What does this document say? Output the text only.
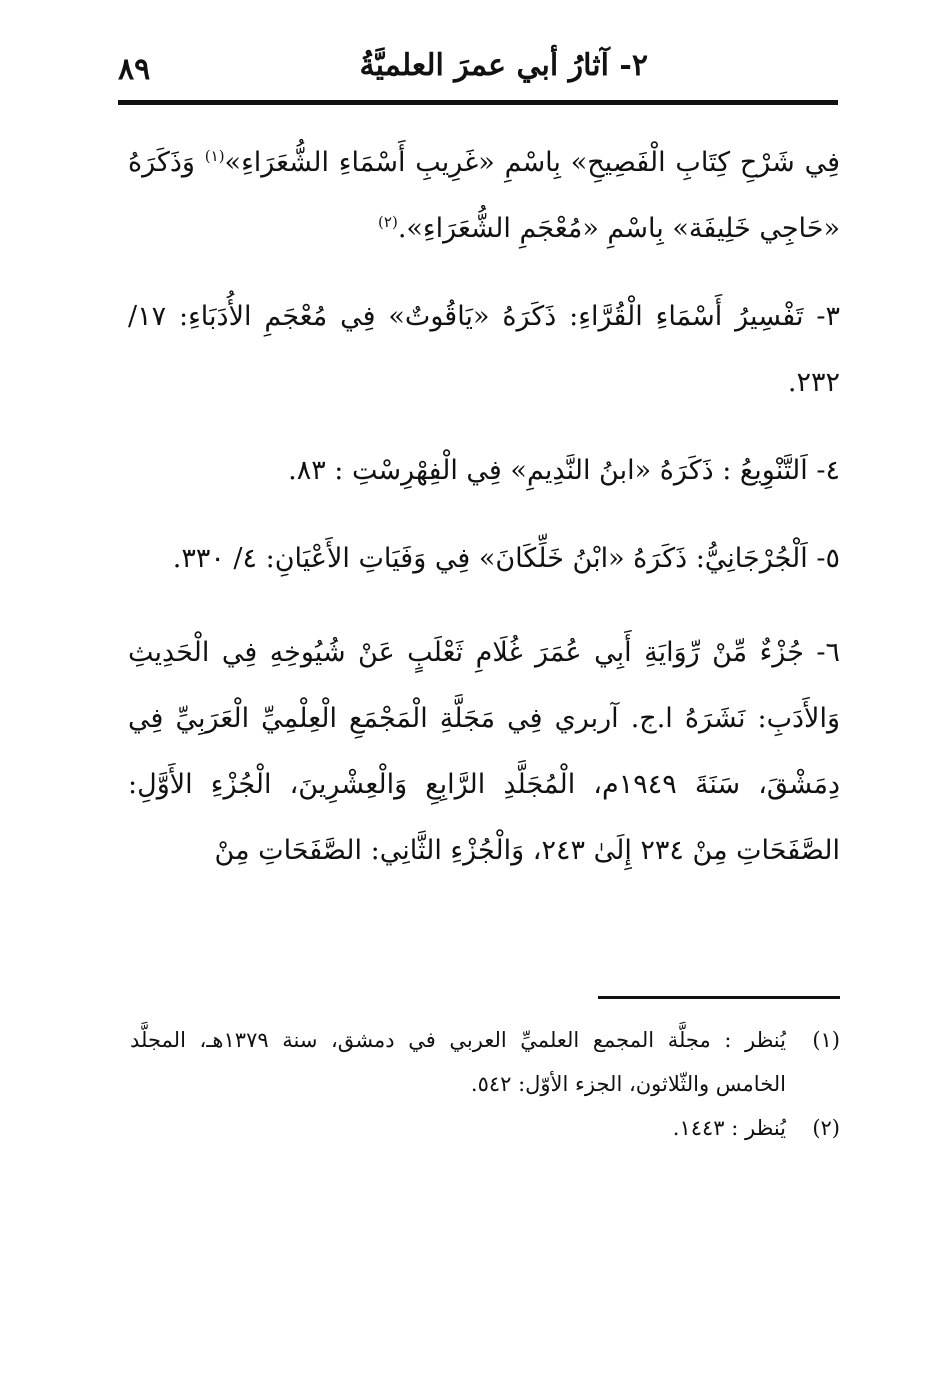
٨٩	٢- آثارُ أبي عمرَ العلميَّةُ

فِي شَرْحِ كِتَابِ الْفَصِيحِ» بِاسْمِ «غَرِيبِ أَسْمَاءِ الشُّعَرَاءِ»$^{(١)}$ وَذَكَرَهُ «حَاجِي خَلِيفَة» بِاسْمِ «مُعْجَمِ الشُّعَرَاءِ».$^{(٢)}$

٣- تَفْسِيرُ أَسْمَاءِ الْقُرَّاءِ: ذَكَرَهُ «يَاقُوتٌ» فِي مُعْجَمِ الأُدَبَاءِ: ١٧/ ٢٣٢.

٤- اَلتَّنْوِيعُ : ذَكَرَهُ «ابنُ النَّدِيمِ» فِي الْفِهْرِسْتِ : ٨٣.

٥- اَلْجُرْجَانِيُّ: ذَكَرَهُ «ابْنُ خَلِّكَانَ» فِي وَفَيَاتِ الأَعْيَانِ: ٤/ ٣٣٠.

٦- جُزْءٌ مِّنْ رِّوَايَةِ أَبِي عُمَرَ غُلَامِ ثَعْلَبٍ عَنْ شُيُوخِهِ فِي الْحَدِيثِ وَالأَدَبِ: نَشَرَهُ ا.ج. آربري فِي مَجَلَّةِ الْمَجْمَعِ الْعِلْمِيِّ الْعَرَبِيِّ فِي دِمَشْقَ، سَنَةَ ١٩٤٩م، الْمُجَلَّدِ الرَّابِعِ وَالْعِشْرِينَ، الْجُزْءِ الأَوَّلِ: الصَّفَحَاتِ مِنْ ٢٣٤ إِلَىٰ ٢٤٣، وَالْجُزْءِ الثَّانِي: الصَّفَحَاتِ مِنْ

(١)
يُنظر : مجلَّة المجمع العلميِّ العربي في دمشق، سنة ١٣٧٩هـ، المجلَّد الخامس والثّلاثون، الجزء الأوّل: ٥٤٢.

(٢)
يُنظر : ١٤٤٣.
